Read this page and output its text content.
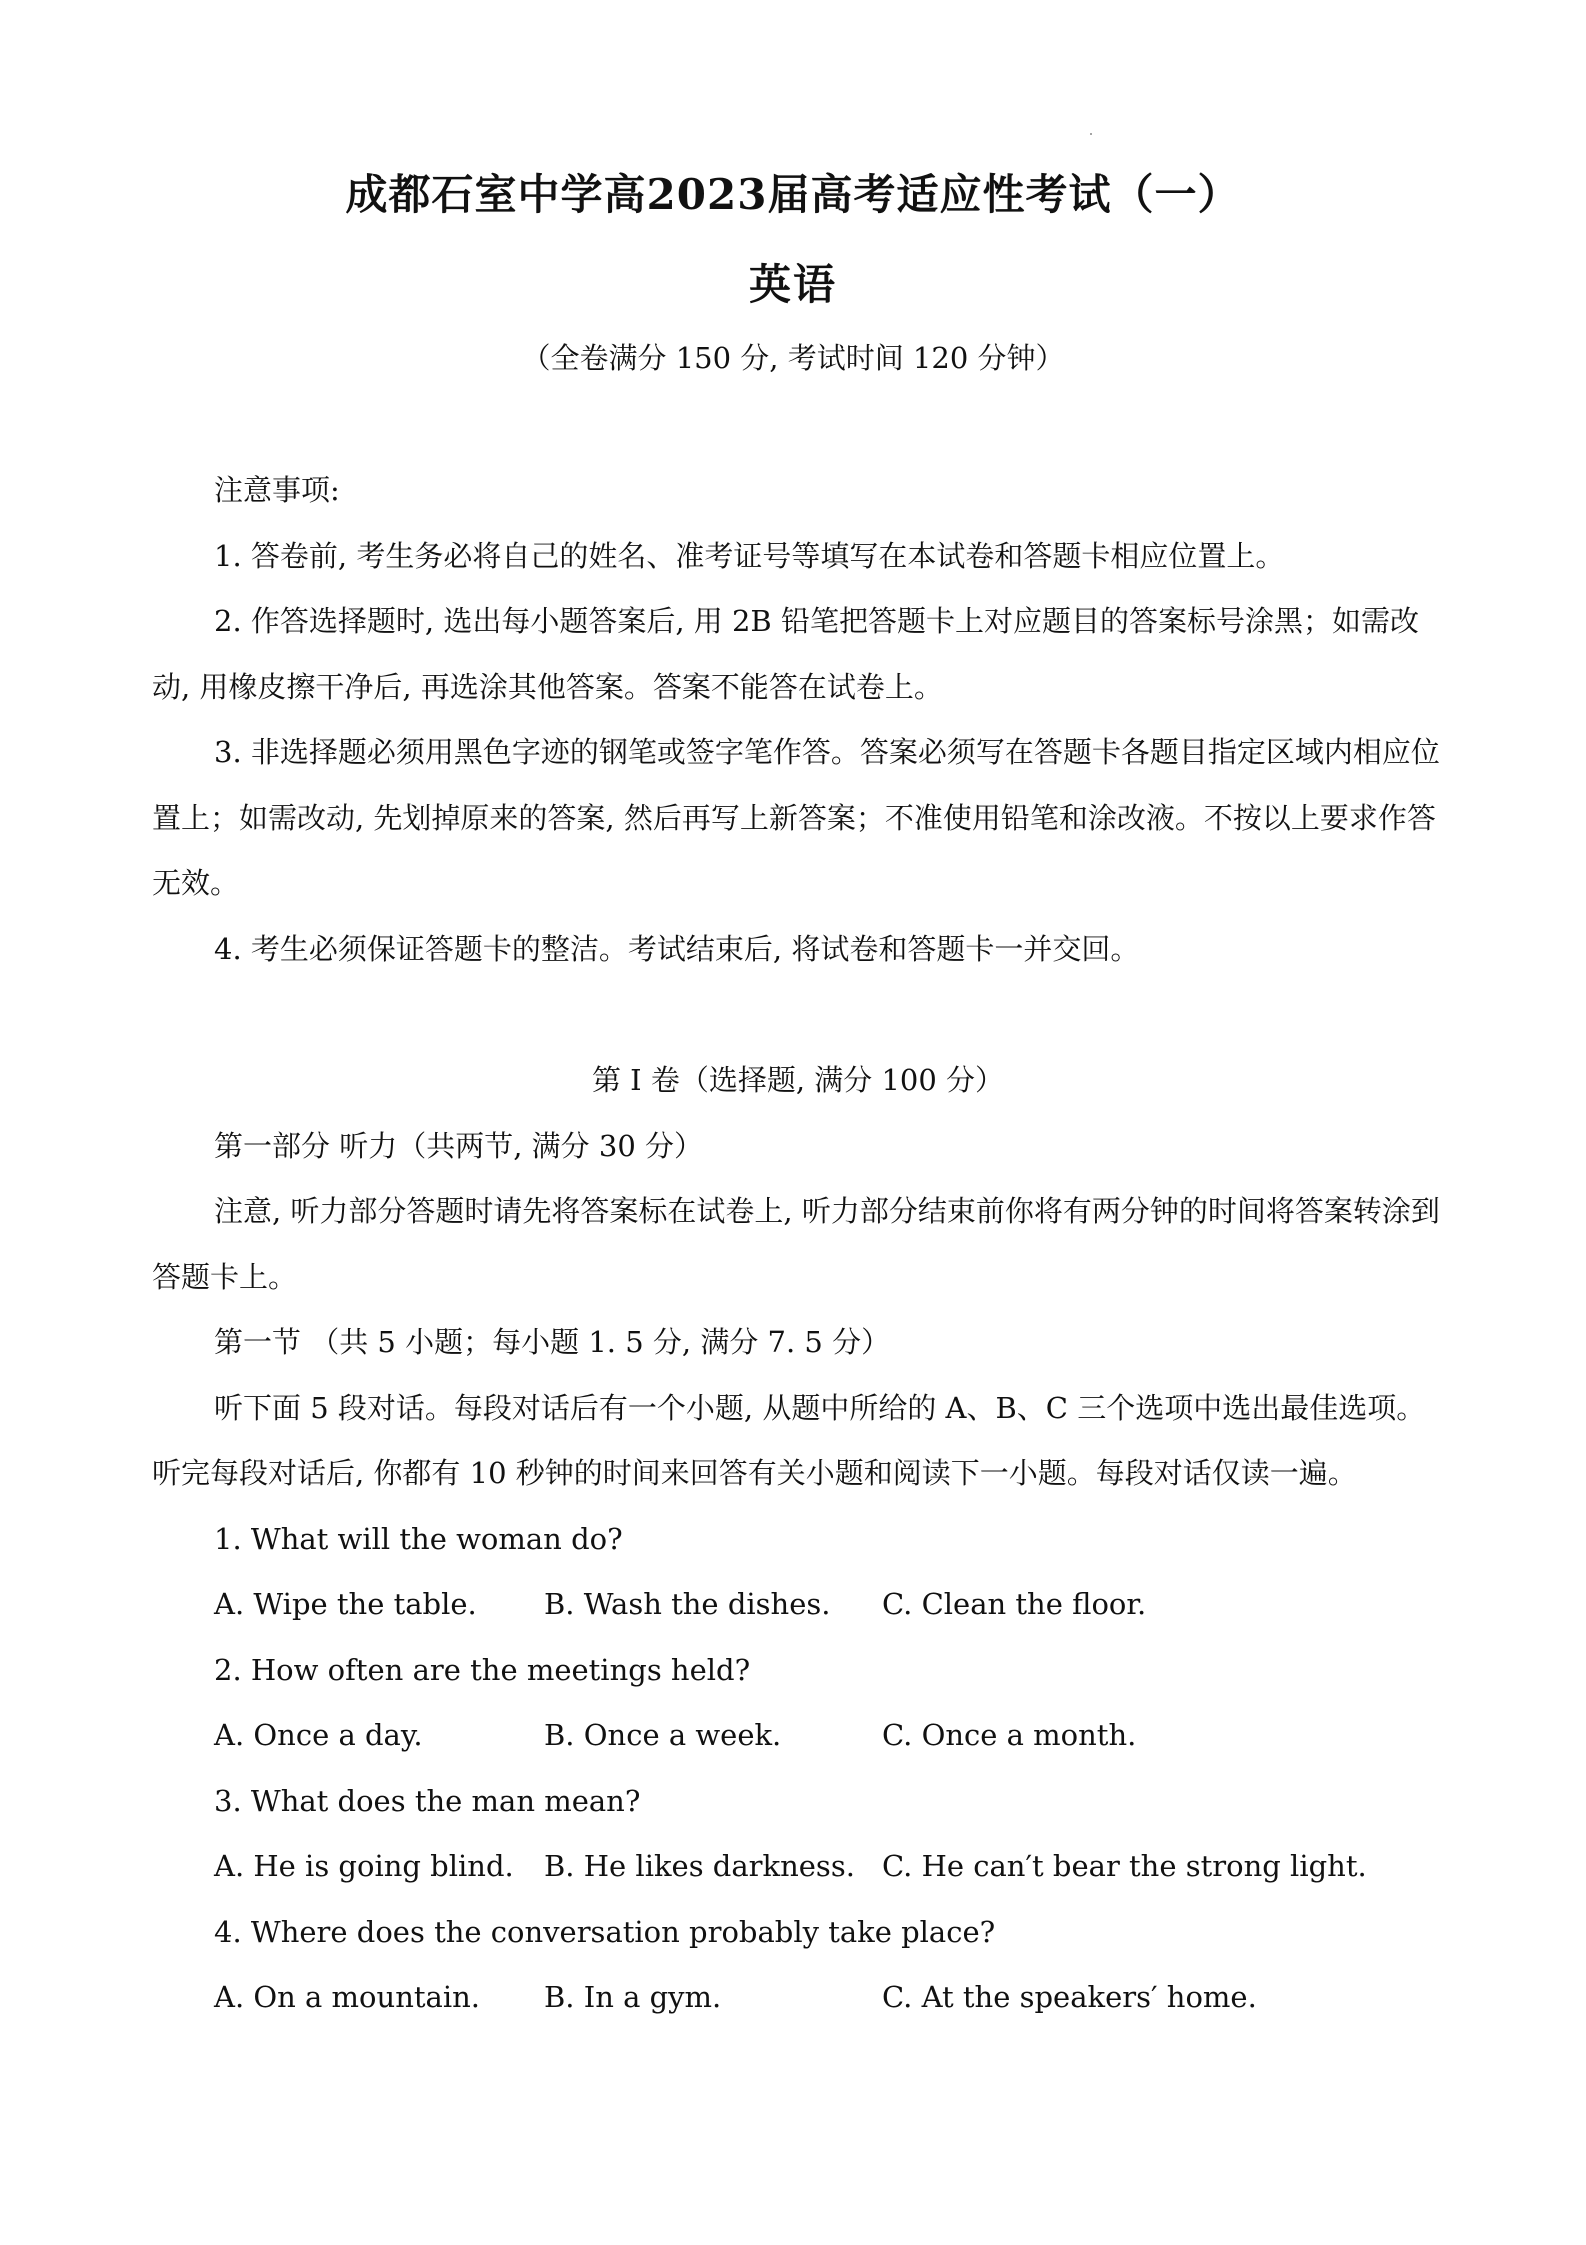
成都石室中学高2023届高考适应性考试（一）
英语
（全卷满分 150 分, 考试时间 120 分钟）

注意事项:

1. 答卷前, 考生务必将自己的姓名、准考证号等填写在本试卷和答题卡相应位置上。

2. 作答选择题时, 选出每小题答案后, 用 2B 铅笔把答题卡上对应题目的答案标号涂黑；如需改动, 用橡皮擦干净后, 再选涂其他答案。答案不能答在试卷上。

3. 非选择题必须用黑色字迹的钢笔或签字笔作答。答案必须写在答题卡各题目指定区域内相应位置上；如需改动, 先划掉原来的答案, 然后再写上新答案；不准使用铅笔和涂改液。不按以上要求作答无效。

4. 考生必须保证答题卡的整洁。考试结束后, 将试卷和答题卡一并交回。

第 I 卷（选择题, 满分 100 分）

第一部分 听力（共两节, 满分 30 分）

注意, 听力部分答题时请先将答案标在试卷上, 听力部分结束前你将有两分钟的时间将答案转涂到答题卡上。

第一节 （共 5 小题；每小题 1. 5 分, 满分 7. 5 分）

听下面 5 段对话。每段对话后有一个小题, 从题中所给的 A、B、C 三个选项中选出最佳选项。听完每段对话后, 你都有 10 秒钟的时间来回答有关小题和阅读下一小题。每段对话仅读一遍。

1. What will the woman do?

A. Wipe the table.	B. Wash the dishes.	C. Clean the floor.

2. How often are the meetings held?

A. Once a day.	B. Once a week.	C. Once a month.

3. What does the man mean?

A. He is going blind.	B. He likes darkness. C. He can′t bear the strong light.

4. Where does the conversation probably take place?

A. On a mountain.	B. In a gym.	C. At the speakers′ home.
